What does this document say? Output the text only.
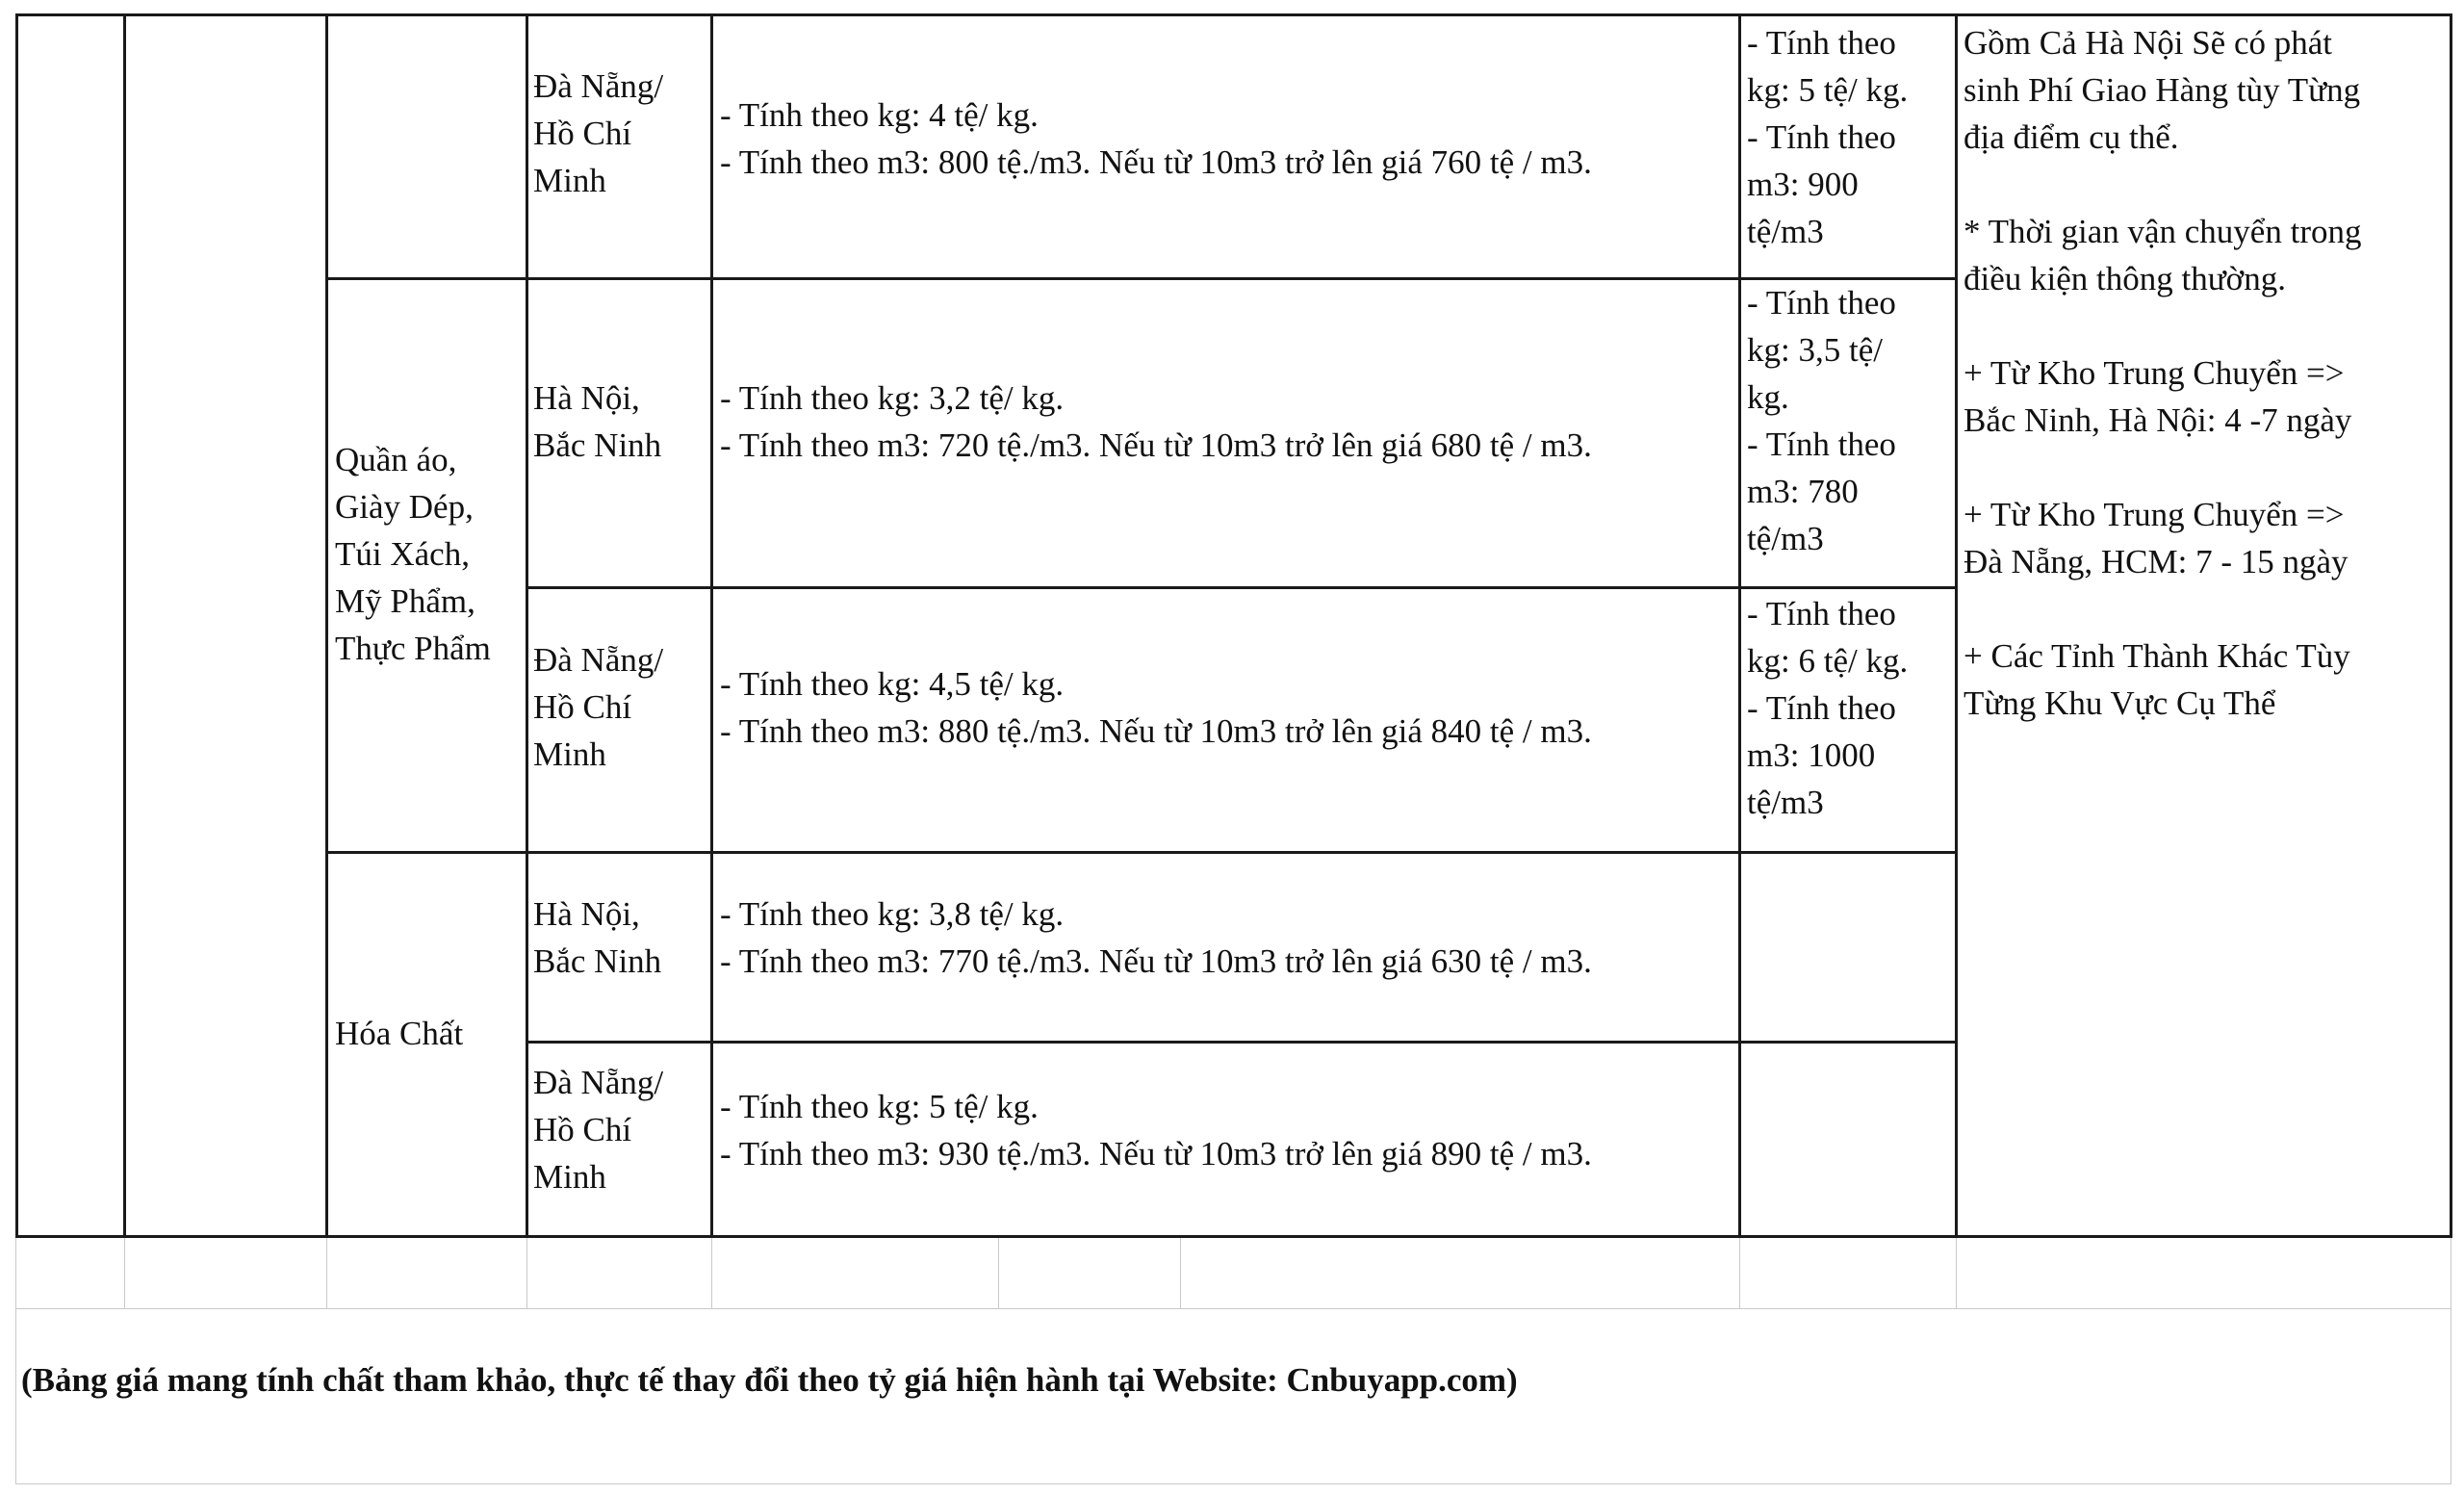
Quần áo,
Giày Dép,
Túi Xách,
Mỹ Phẩm,
Thực Phẩm
Hóa Chất
Đà Nẵng/
Hồ Chí
Minh
- Tính theo kg: 4 tệ/ kg.
- Tính theo m3: 800 tệ./m3. Nếu từ 10m3 trở lên giá 760 tệ / m3.
- Tính theo
kg: 5 tệ/ kg.
- Tính theo
m3: 900
tệ/m3
Hà Nội,
Bắc Ninh
- Tính theo kg: 3,2 tệ/ kg.
- Tính theo m3: 720 tệ./m3. Nếu từ 10m3 trở lên giá 680 tệ / m3.
- Tính theo
kg: 3,5 tệ/
kg.
- Tính theo
m3: 780
tệ/m3
Đà Nẵng/
Hồ Chí
Minh
- Tính theo kg: 4,5 tệ/ kg.
- Tính theo m3: 880 tệ./m3. Nếu từ 10m3 trở lên giá 840 tệ / m3.
- Tính theo
kg: 6 tệ/ kg.
- Tính theo
m3: 1000
tệ/m3
Hà Nội,
Bắc Ninh
- Tính theo kg: 3,8 tệ/ kg.
- Tính theo m3: 770 tệ./m3. Nếu từ 10m3 trở lên giá 630 tệ / m3.
Đà Nẵng/
Hồ Chí
Minh
- Tính theo kg: 5 tệ/ kg.
- Tính theo m3: 930 tệ./m3. Nếu từ 10m3 trở lên giá 890 tệ / m3.
Gồm Cả Hà Nội Sẽ có phát
sinh Phí Giao Hàng tùy Từng
địa điểm cụ thể.

* Thời gian vận chuyển trong
điều kiện thông thường.

+ Từ Kho Trung Chuyển =>
Bắc Ninh, Hà Nội: 4 -7 ngày

+ Từ Kho Trung Chuyển =>
Đà Nẵng, HCM: 7 - 15 ngày

+ Các Tỉnh Thành Khác Tùy
Từng Khu Vực Cụ Thể
(Bảng giá mang tính chất tham khảo, thực tế thay đổi theo tỷ giá hiện hành tại Website: Cnbuyapp.com)
